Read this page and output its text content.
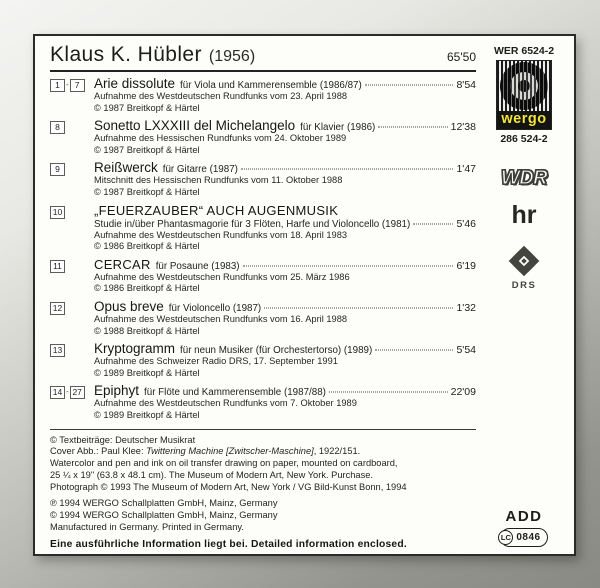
Klaus K. Hübler (1956)	65'50
1 - 7	Arie dissolute für Viola und Kammerensemble (1986/87)	8'54
Aufnahme des Westdeutschen Rundfunks vom 23. April 1988
© 1987 Breitkopf & Härtel
8	Sonetto LXXXIII del Michelangelo für Klavier (1986)	12'38
Aufnahme des Hessischen Rundfunks vom 24. Oktober 1989
© 1987 Breitkopf & Härtel
9	Reißwerck für Gitarre (1987)	1'47
Mitschnitt des Hessischen Rundfunks vom 11. Oktober 1988
© 1987 Breitkopf & Härtel
10 „FEUERZAUBER“ AUCH AUGENMUSIK
Studie in/über Phantasmagorie für 3 Flöten, Harfe und Violoncello (1981)	5'46
Aufnahme des Westdeutschen Rundfunks vom 18. April 1983
© 1986 Breitkopf & Härtel
11 CERCAR für Posaune (1983)	6'19
Aufnahme des Westdeutschen Rundfunks vom 25. März 1986
© 1986 Breitkopf & Härtel
12 Opus breve für Violoncello (1987)	1'32
Aufnahme des Westdeutschen Rundfunks vom 16. April 1988
© 1988 Breitkopf & Härtel
13 Kryptogramm für neun Musiker (für Orchestertorso) (1989)	5'54
Aufnahme des Schweizer Radio DRS, 17. September 1991
© 1989 Breitkopf & Härtel
14 - 27 Epiphyt für Flöte und Kammerensemble (1987/88)	22'09
Aufnahme des Westdeutschen Rundfunks vom 7. Oktober 1989
© 1989 Breitkopf & Härtel
© Textbeiträge: Deutscher Musikrat
Cover Abb.: Paul Klee: Twittering Machine [Zwitscher-Maschine], 1922/151.
Watercolor and pen and ink on oil transfer drawing on paper, mounted on cardboard,
25 ¼ x 19" (63.8 x 48.1 cm). The Museum of Modern Art, New York. Purchase.
Photograph © 1993 The Museum of Modern Art, New York / VG Bild-Kunst Bonn, 1994
℗ 1994 WERGO Schallplatten GmbH, Mainz, Germany
© 1994 WERGO Schallplatten GmbH, Mainz, Germany
Manufactured in Germany. Printed in Germany.
Eine ausführliche Information liegt bei. Detailed information enclosed.
WER 6524-2
wergo
286 524-2
WDR
hr
DRS
ADD
LC 0846
